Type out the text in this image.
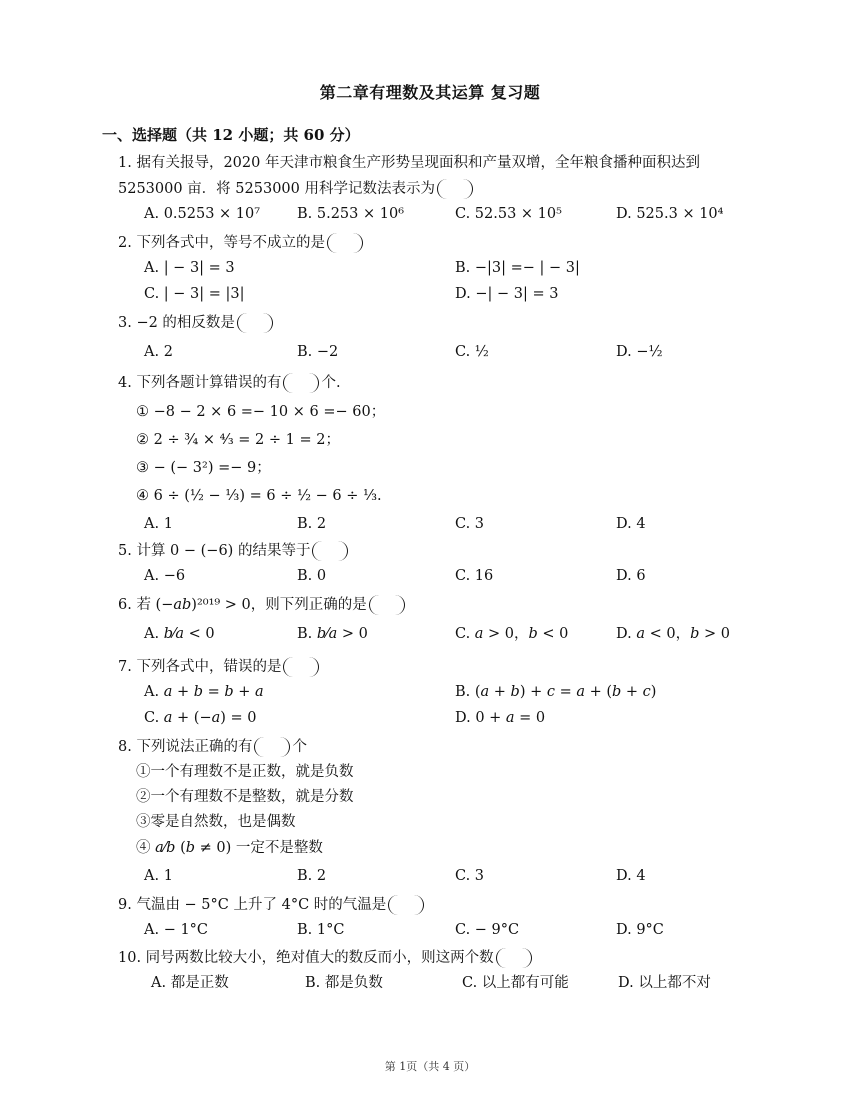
第二章有理数及其运算 复习题
一、选择题（共 12 小题；共 60 分）
1. 据有关报导，2020 年天津市粮食生产形势呈现面积和产量双增，全年粮食播种面积达到
5253000 亩．将 5253000 用科学记数法表示为
A. 0.5253 × 10⁷	B. 5.253 × 10⁶	C. 52.53 × 10⁵	D. 525.3 × 10⁴
2. 下列各式中，等号不成立的是
A. | − 3| = 3	B. −|3| =− | − 3|
C. | − 3| = |3|	D. −| − 3| = 3
3. −2 的相反数是
A. 2	B. −2	C. ½	D. −½
4. 下列各题计算错误的有	个.
① −8 − 2 × 6 =− 10 × 6 =− 60；
② 2 ÷ ¾ × ⁴⁄₃ = 2 ÷ 1 = 2；
③ − (− 3²) =− 9；
④ 6 ÷ (½ − ⅓) = 6 ÷ ½ − 6 ÷ ⅓.
A. 1	B. 2	C. 3	D. 4
5. 计算 0 − (−6) 的结果等于
A. −6	B. 0	C. 16	D. 6
6. 若 (−𝑎𝑏)²⁰¹⁹ > 0，则下列正确的是
A. 𝑏⁄𝑎 < 0	B. 𝑏⁄𝑎 > 0	C. 𝑎 > 0，𝑏 < 0	D. 𝑎 < 0，𝑏 > 0
7. 下列各式中，错误的是
A. 𝑎 + 𝑏 = 𝑏 + 𝑎	B. (𝑎 + 𝑏) + 𝑐 = 𝑎 + (𝑏 + 𝑐)
C. 𝑎 + (−𝑎) = 0	D. 0 + 𝑎 = 0
8. 下列说法正确的有	个
①一个有理数不是正数，就是负数
②一个有理数不是整数，就是分数
③零是自然数，也是偶数
④ 𝑎⁄𝑏 (𝑏 ≠ 0) 一定不是整数
A. 1	B. 2	C. 3	D. 4
9. 气温由 − 5°C 上升了 4°C 时的气温是
A. − 1°C	B. 1°C	C. − 9°C	D. 9°C
10. 同号两数比较大小，绝对值大的数反而小，则这两个数
A. 都是正数	B. 都是负数	C. 以上都有可能	D. 以上都不对
第 1页（共 4 页）
